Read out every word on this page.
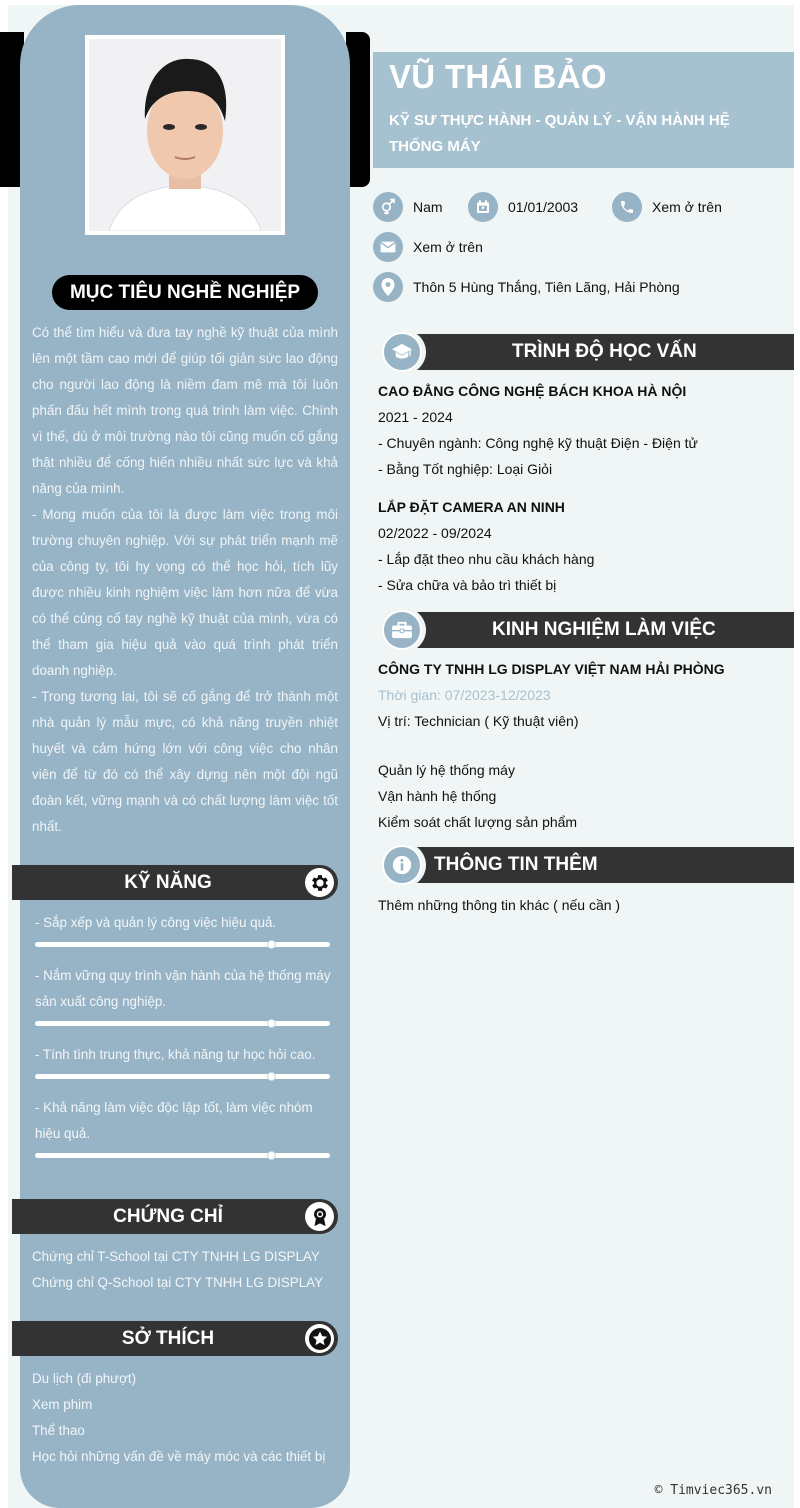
MỤC TIÊU NGHỀ NGHIỆP

Có thể tìm hiểu và đưa tay nghề kỹ thuật của mình lên một tầm cao mới để giúp tối giản sức lao động cho người lao động là niềm đam mê mà tôi luôn phấn đấu hết mình trong quá trình làm việc. Chính vì thế, dù ở môi trường nào tôi cũng muốn cố gắng thật nhiều để cống hiến nhiều nhất sức lực và khả năng của mình.

- Mong muốn của tôi là được làm việc trong môi trường chuyên nghiệp. Với sự phát triển mạnh mẽ của công ty, tôi hy vọng có thể học hỏi, tích lũy được nhiều kinh nghiệm việc làm hơn nữa để vừa có thể củng cố tay nghề kỹ thuật của mình, vừa có thể tham gia hiệu quả vào quá trình phát triển doanh nghiệp.

- Trong tương lai, tôi sẽ cố gắng để trở thành một nhà quản lý mẫu mực, có khả năng truyền nhiệt huyết và cảm hứng lớn với công việc cho nhân viên để từ đó có thể xây dựng nên một đội ngũ đoàn kết, vững mạnh và có chất lượng làm việc tốt nhất.

KỸ NĂNG
- Sắp xếp và quản lý công việc hiệu quả.
- Nắm vững quy trình vận hành của hệ thống máy sản xuất công nghiệp.
- Tính tình trung thực, khả năng tự học hỏi cao.
- Khả năng làm việc độc lập tốt, làm việc nhóm hiệu quả.
CHỨNG CHỈ
Chứng chỉ T-School tại CTY TNHH LG DISPLAY
Chứng chỉ Q-School tại CTY TNHH LG DISPLAY
SỞ THÍCH
Du lịch (đi phượt)
Xem phim
Thể thao
Học hỏi những vấn đề về máy móc và các thiết bị
VŨ THÁI BẢO
KỸ SƯ THỰC HÀNH - QUẢN LÝ - VẬN HÀNH HỆ THỐNG MÁY
Nam	01/01/2003	Xem ở trên
Xem ở trên
Thôn 5 Hùng Thắng, Tiên Lãng, Hải Phòng
TRÌNH ĐỘ HỌC VẤN
CAO ĐẲNG CÔNG NGHỆ BÁCH KHOA HÀ NỘI
2021 - 2024
- Chuyên ngành: Công nghệ kỹ thuật Điện - Điện tử
- Bằng Tốt nghiệp: Loại Giỏi
LẮP ĐẶT CAMERA AN NINH
02/2022 - 09/2024
- Lắp đặt theo nhu cầu khách hàng
- Sửa chữa và bảo trì thiết bị
KINH NGHIỆM LÀM VIỆC
CÔNG TY TNHH LG DISPLAY VIỆT NAM HẢI PHÒNG
Thời gian: 07/2023-12/2023
Vị trí: Technician ( Kỹ thuật viên)
Quản lý hệ thống máy
Vận hành hệ thống
Kiểm soát chất lượng sản phẩm
THÔNG TIN THÊM
Thêm những thông tin khác ( nếu cần )
© Timviec365.vn
